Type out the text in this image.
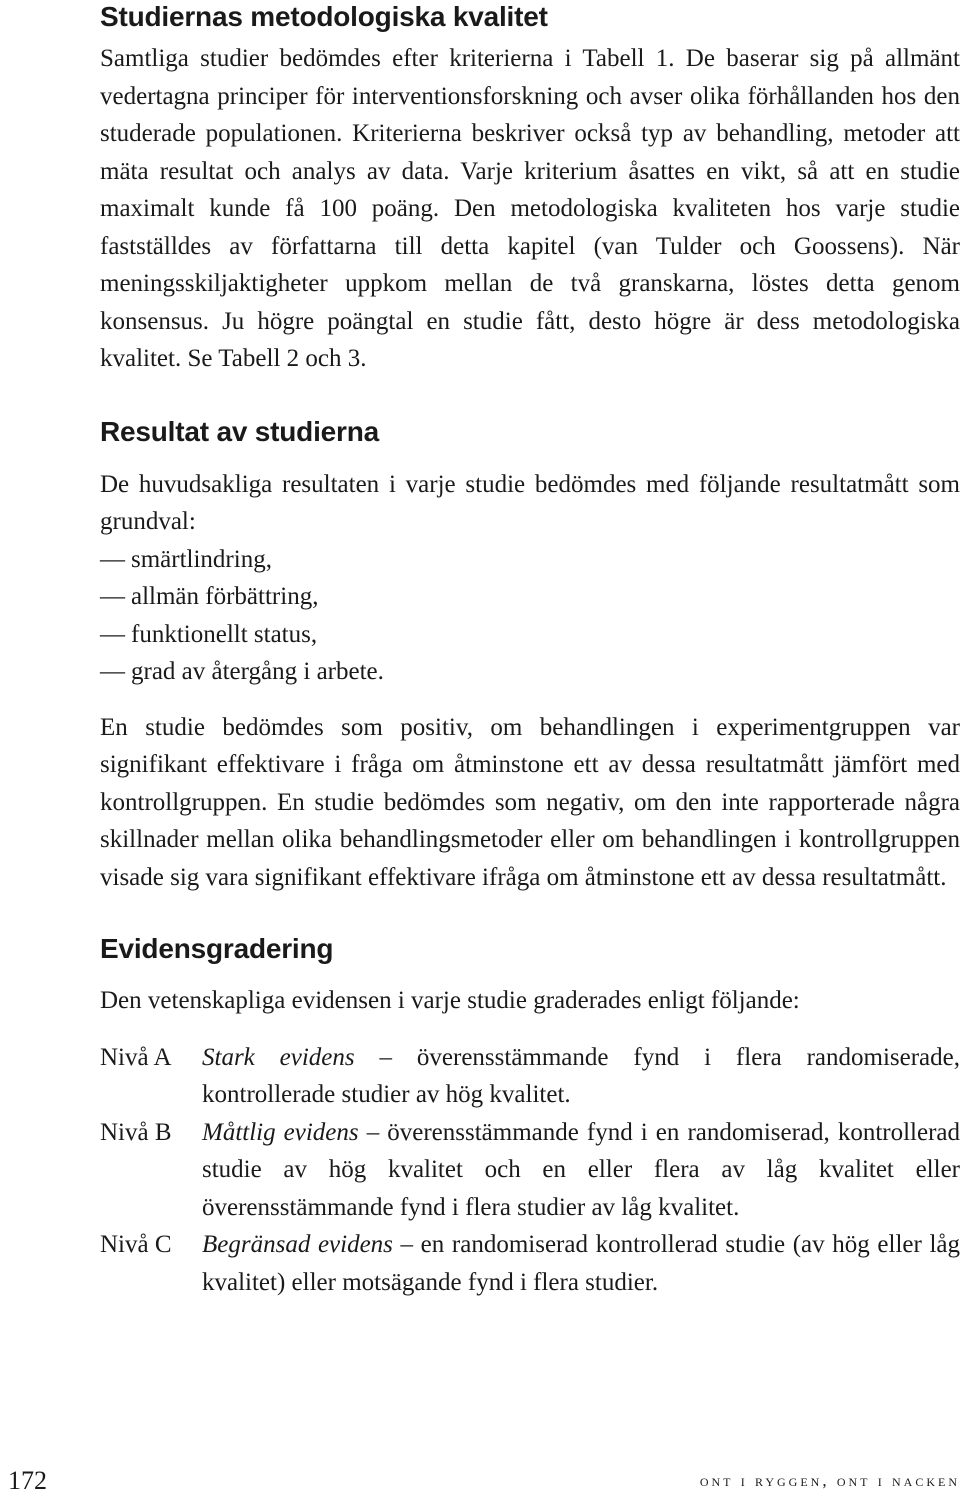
Studiernas metodologiska kvalitet

Samtliga studier bedömdes efter kriterierna i Tabell 1. De baserar sig på allmänt vedertagna principer för interventionsforskning och avser olika förhållanden hos den studerade populationen. Kriterierna beskriver också typ av behandling, metoder att mäta resultat och analys av data. Varje kriterium åsattes en vikt, så att en studie maximalt kunde få 100 poäng. Den metodologiska kvaliteten hos varje studie fastställdes av författarna till detta kapitel (van Tulder och Goossens). När meningsskiljaktigheter uppkom mellan de två granskarna, löstes detta genom konsensus. Ju högre poängtal en studie fått, desto högre är dess metodologiska kvalitet. Se Tabell 2 och 3.

Resultat av studierna

De huvudsakliga resultaten i varje studie bedömdes med följande resultatmått som grundval:

— smärtlindring,
— allmän förbättring,
— funktionellt status,
— grad av återgång i arbete.

En studie bedömdes som positiv, om behandlingen i experimentgruppen var signifikant effektivare i fråga om åtminstone ett av dessa resultatmått jämfört med kontrollgruppen. En studie bedömdes som negativ, om den inte rapporterade några skillnader mellan olika behandlingsmetoder eller om behandlingen i kontrollgruppen visade sig vara signifikant effektivare ifråga om åtminstone ett av dessa resultatmått.

Evidensgradering

Den vetenskapliga evidensen i varje studie graderades enligt följande:

Nivå A	Stark evidens – överensstämmande fynd i flera randomiserade, kontrollerade studier av hög kvalitet.
Nivå B	Måttlig evidens – överensstämmande fynd i en randomiserad, kontrollerad studie av hög kvalitet och en eller flera av låg kvalitet eller överensstämmande fynd i flera studier av låg kvalitet.
Nivå C	Begränsad evidens – en randomiserad kontrollerad studie (av hög eller låg kvalitet) eller motsägande fynd i flera studier.
172	ont i ryggen, ont i nacken
